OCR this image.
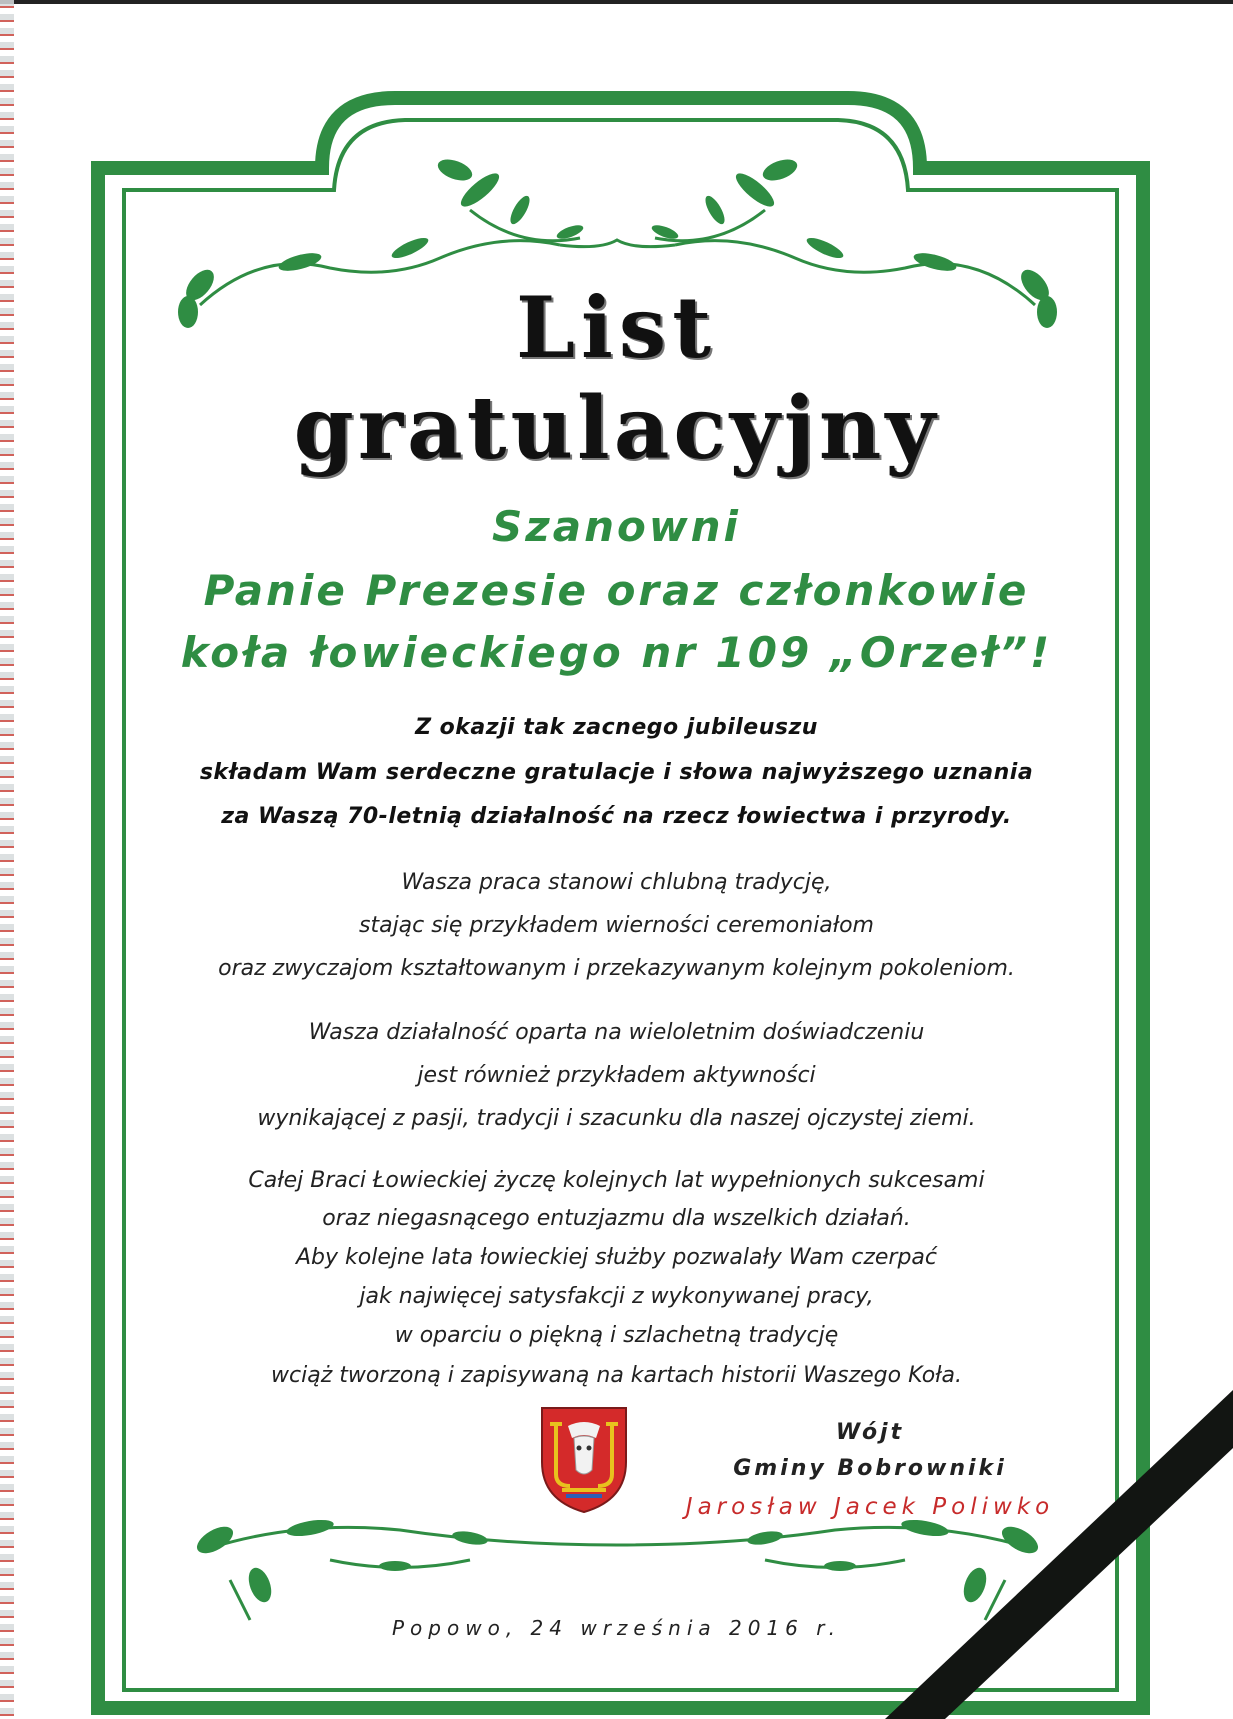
List
gratulacyjny
Szanowni
Panie Prezesie oraz członkowie
koła łowieckiego nr 109 „Orzeł”!
Z okazji tak zacnego jubileuszu
składam Wam serdeczne gratulacje i słowa najwyższego uznania
za Waszą 70-letnią działalność na rzecz łowiectwa i przyrody.
Wasza praca stanowi chlubną tradycję,
stając się przykładem wierności ceremoniałom
oraz zwyczajom kształtowanym i przekazywanym kolejnym pokoleniom.
Wasza działalność oparta na wieloletnim doświadczeniu
jest również przykładem aktywności
wynikającej z pasji, tradycji i szacunku dla naszej ojczystej ziemi.
Całej Braci Łowieckiej życzę kolejnych lat wypełnionych sukcesami
oraz niegasnącego entuzjazmu dla wszelkich działań.
Aby kolejne lata łowieckiej służby pozwalały Wam czerpać
jak najwięcej satysfakcji z wykonywanej pracy,
w oparciu o piękną i szlachetną tradycję
wciąż tworzoną i zapisywaną na kartach historii Waszego Koła.
Wójt
Gminy Bobrowniki
Jarosław Jacek Poliwko
Popowo, 24 września 2016 r.
